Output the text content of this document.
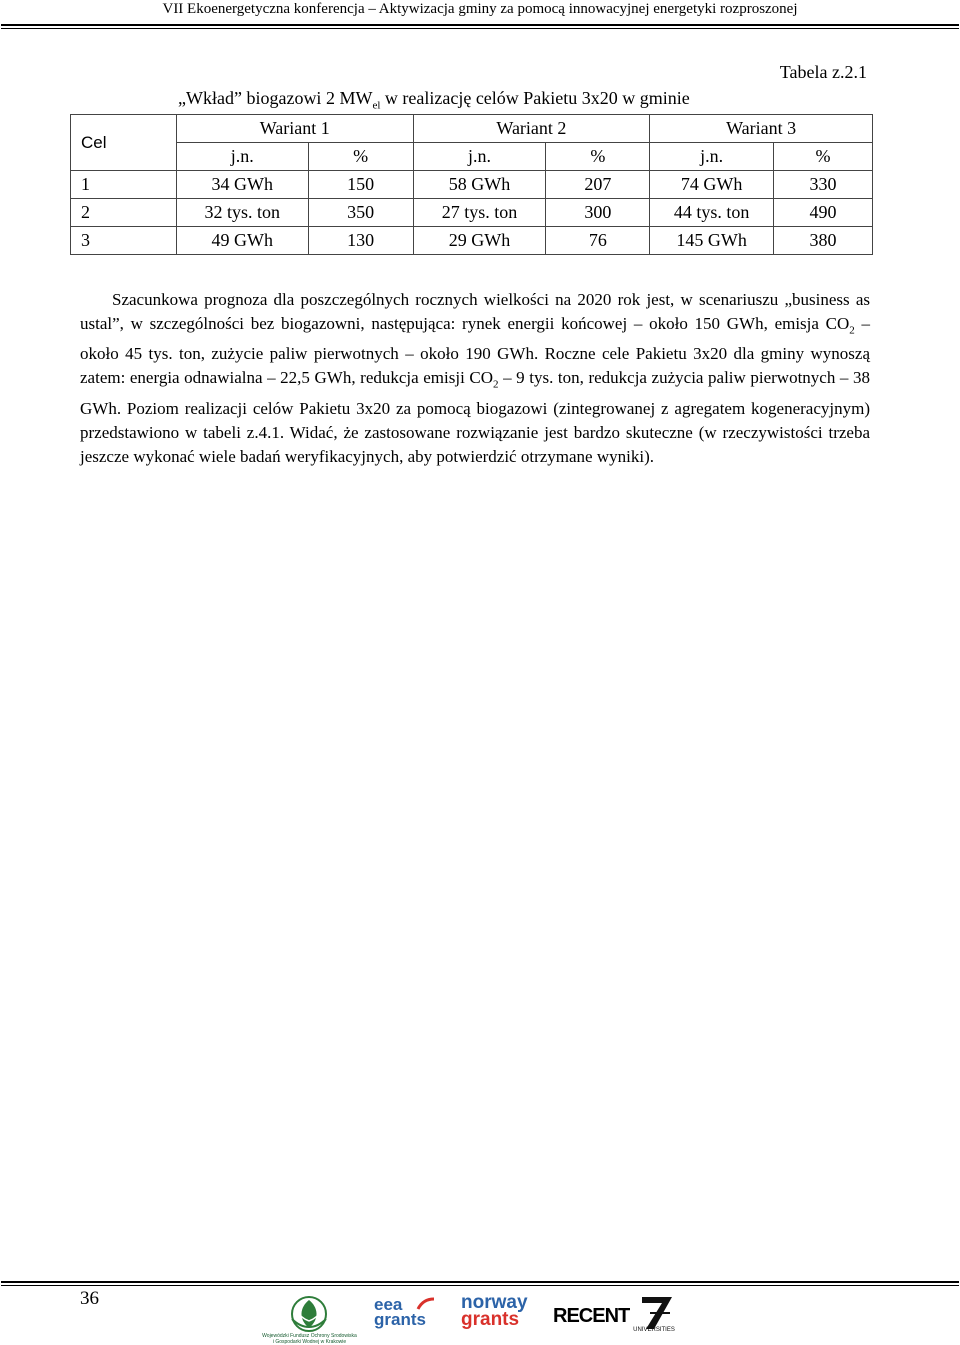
VII Ekoenergetyczna konferencja – Aktywizacja gminy za pomocą innowacyjnej energetyki rozproszonej
Tabela z.2.1
„Wkład” biogazowi 2 $MW_{el}$ w realizację celów Pakietu 3x20 w gminie
Cel	Wariant 1		Wariant 2		Wariant 3	
	j.n.	%	j.n.	%	j.n.	%
1	34 GWh	150	58 GWh	207	74 GWh	330
2	32 tys. ton	350	27 tys. ton	300	44 tys. ton	490
3	49 GWh	130	29 GWh	76	145 GWh	380
Szacunkowa prognoza dla poszczególnych rocznych wielkości na 2020 rok jest, w scenariuszu „business as ustal”, w szczególności bez biogazowni, następująca: rynek energii końcowej – około 150 GWh, emisja $CO_2$ – około 45 tys. ton, zużycie paliw pierwotnych – około 190 GWh. Roczne cele Pakietu 3x20 dla gminy wynoszą zatem: energia odnawialna – 22,5 GWh, redukcja emisji $CO_2 - 9$ tys. ton, redukcja zużycia paliw pierwotnych – 38 GWh. Poziom realizacji celów Pakietu 3x20 za pomocą biogazowi (zintegrowanej z agregatem kogeneracyjnym) przedstawiono w tabeli z.4.1. Widać, że zastosowane rozwiązanie jest bardzo skuteczne (w rzeczywistości trzeba jeszcze wykonać wiele badań weryfikacyjnych, aby potwierdzić otrzymane wyniki).
36
Wojewódzki Fundusz Ochrony Środowiska i Gospodarki Wodnej w Krakowie
eea
grants
norway
grants	RECENT
UNIVERSITIES
